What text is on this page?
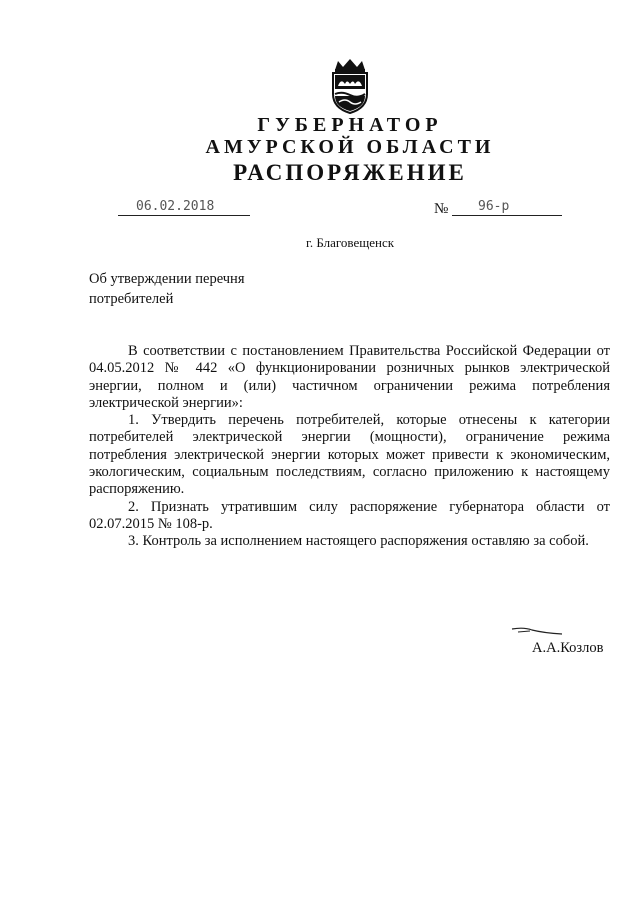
ГУБЕРНАТОР
АМУРСКОЙ ОБЛАСТИ
РАСПОРЯЖЕНИЕ
06.02.2018	№ 96-р
г. Благовещенск
Об утверждении перечня потребителей

В соответствии с постановлением Правительства Российской Федерации от 04.05.2012 № 442 «О функционировании розничных рынков электрической энергии, полном и (или) частичном ограничении режима потребления электрической энергии»:

1. Утвердить перечень потребителей, которые отнесены к категории потребителей электрической энергии (мощности), ограничение режима потребления электрической энергии которых может привести к экономическим, экологическим, социальным последствиям, согласно приложению к настоящему распоряжению.

2. Признать утратившим силу распоряжение губернатора области от 02.07.2015 № 108-р.

3. Контроль за исполнением настоящего распоряжения оставляю за собой.

А.А.Козлов
